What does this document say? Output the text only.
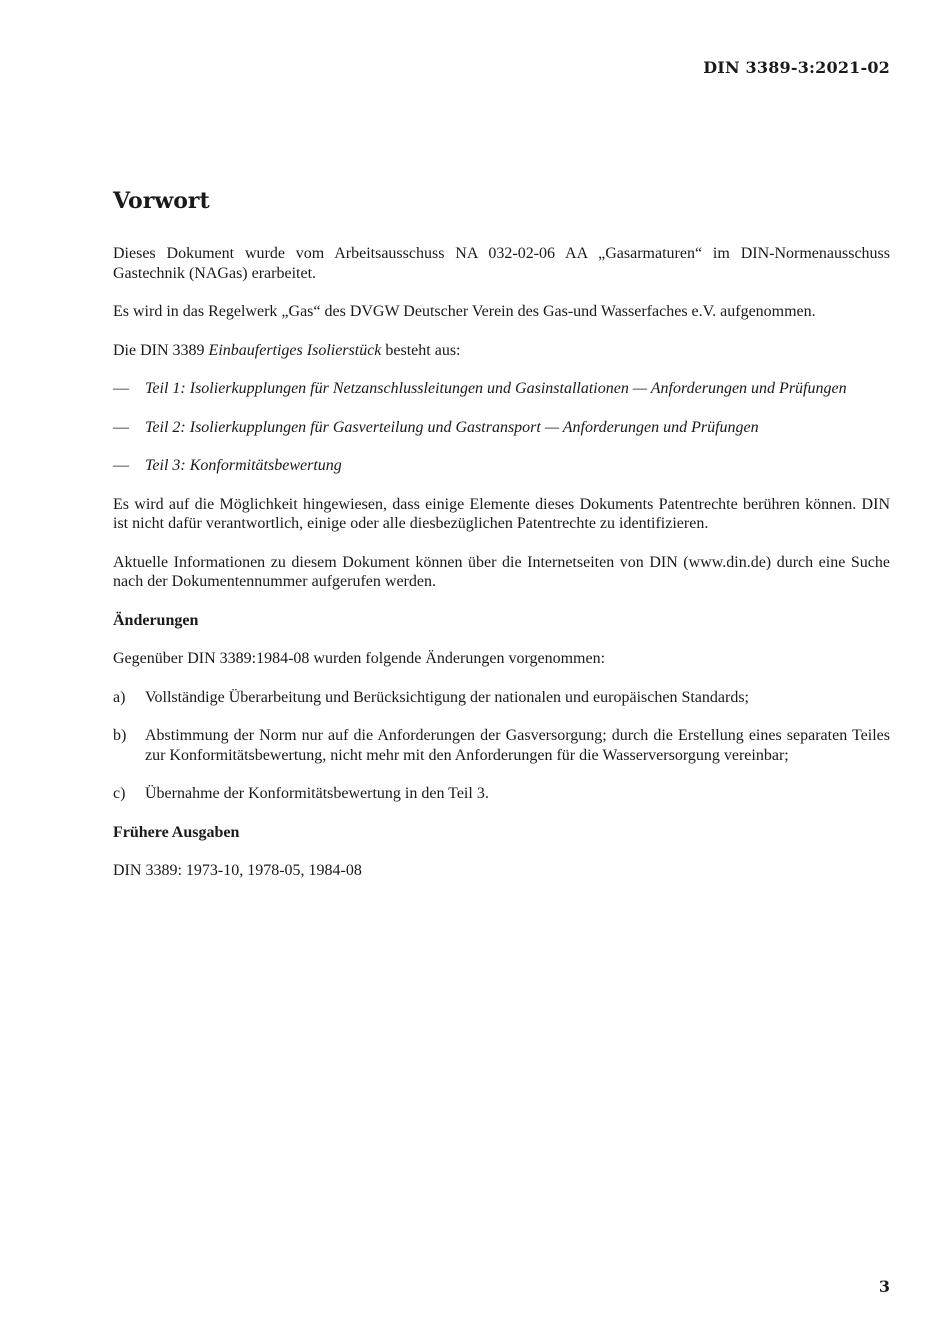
DIN 3389-3:2021-02
Vorwort

Dieses Dokument wurde vom Arbeitsausschuss NA 032-02-06 AA „Gasarmaturen“ im DIN-Normenausschuss Gastechnik (NAGas) erarbeitet.

Es wird in das Regelwerk „Gas“ des DVGW Deutscher Verein des Gas-und Wasserfaches e.V. aufgenommen.

Die DIN 3389 Einbaufertiges Isolierstück besteht aus:

—	Teil 1: Isolierkupplungen für Netzanschlussleitungen und Gasinstallationen — Anforderungen und Prüfungen
—	Teil 2: Isolierkupplungen für Gasverteilung und Gastransport — Anforderungen und Prüfungen
—	Teil 3: Konformitätsbewertung

Es wird auf die Möglichkeit hingewiesen, dass einige Elemente dieses Dokuments Patentrechte berühren können. DIN ist nicht dafür verantwortlich, einige oder alle diesbezüglichen Patentrechte zu identifizieren.

Aktuelle Informationen zu diesem Dokument können über die Internetseiten von DIN (www.din.de) durch eine Suche nach der Dokumentennummer aufgerufen werden.

Änderungen

Gegenüber DIN 3389:1984-08 wurden folgende Änderungen vorgenommen:

a)	Vollständige Überarbeitung und Berücksichtigung der nationalen und europäischen Standards;
b)	Abstimmung der Norm nur auf die Anforderungen der Gasversorgung; durch die Erstellung eines separaten Teiles zur Konformitätsbewertung, nicht mehr mit den Anforderungen für die Wasserversorgung vereinbar;
c)	Übernahme der Konformitätsbewertung in den Teil 3.
Frühere Ausgaben

DIN 3389: 1973-10, 1978-05, 1984-08

3
